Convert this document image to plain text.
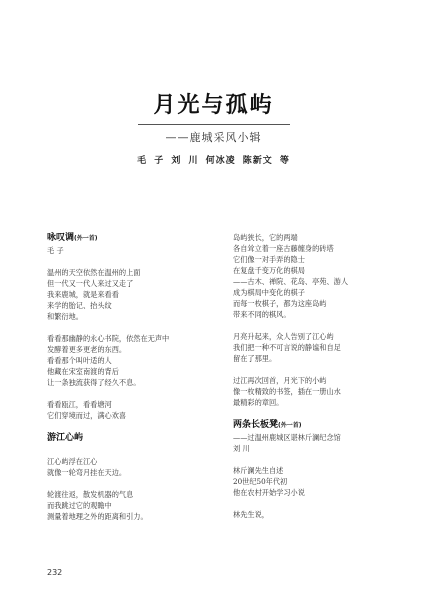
月光与孤屿
——鹿城采风小辑
毛 子 刘 川 何冰凌 陈新文 等
咏叹调(外一首)
毛 子
温州的天空依然在温州的上面
但一代又一代人来过又走了
我来鹿城，就是来看看
来学的胎记、抬头纹
和繁衍地。
看看那幽静的永心书院，依然在无声中
发酵着更多更老的东西。
看看那个叫叶适的人
他藏在宋室南渡的背后
让一条独流获得了经久不息。
看看瓯江，看看塘河
它们穿境而过，满心欢喜
游江心屿
江心屿浮在江心
就像一轮弯月挂在天边。
轮渡往返，散发机器的气息
而我跳过它的观瞻中
测量着地理之外的距离和引力。
岛屿狭长，它的两端
各自耸立着一座古藤缠身的砖塔
它们像一对手弄的隐士
在复盘千变万化的棋局
——古木、禅院、花岛、亭苑、游人
成为棋局中变化的棋子
而每一枚棋子，都为这座岛屿
带来不同的棋风。
月亮升起来，众人告别了江心屿
我们把一种不可言说的静谧和自足
留在了那里。
过江再次回首，月光下的小屿
像一枚精致的书签，插在一册山水
最精彩的章回。
两条长板凳(外一首)
——过温州鹿城区谌林斤澜纪念馆
刘 川
林斤澜先生自述
20世纪50年代初
他在农村开始学习小说
林先生说，
232
